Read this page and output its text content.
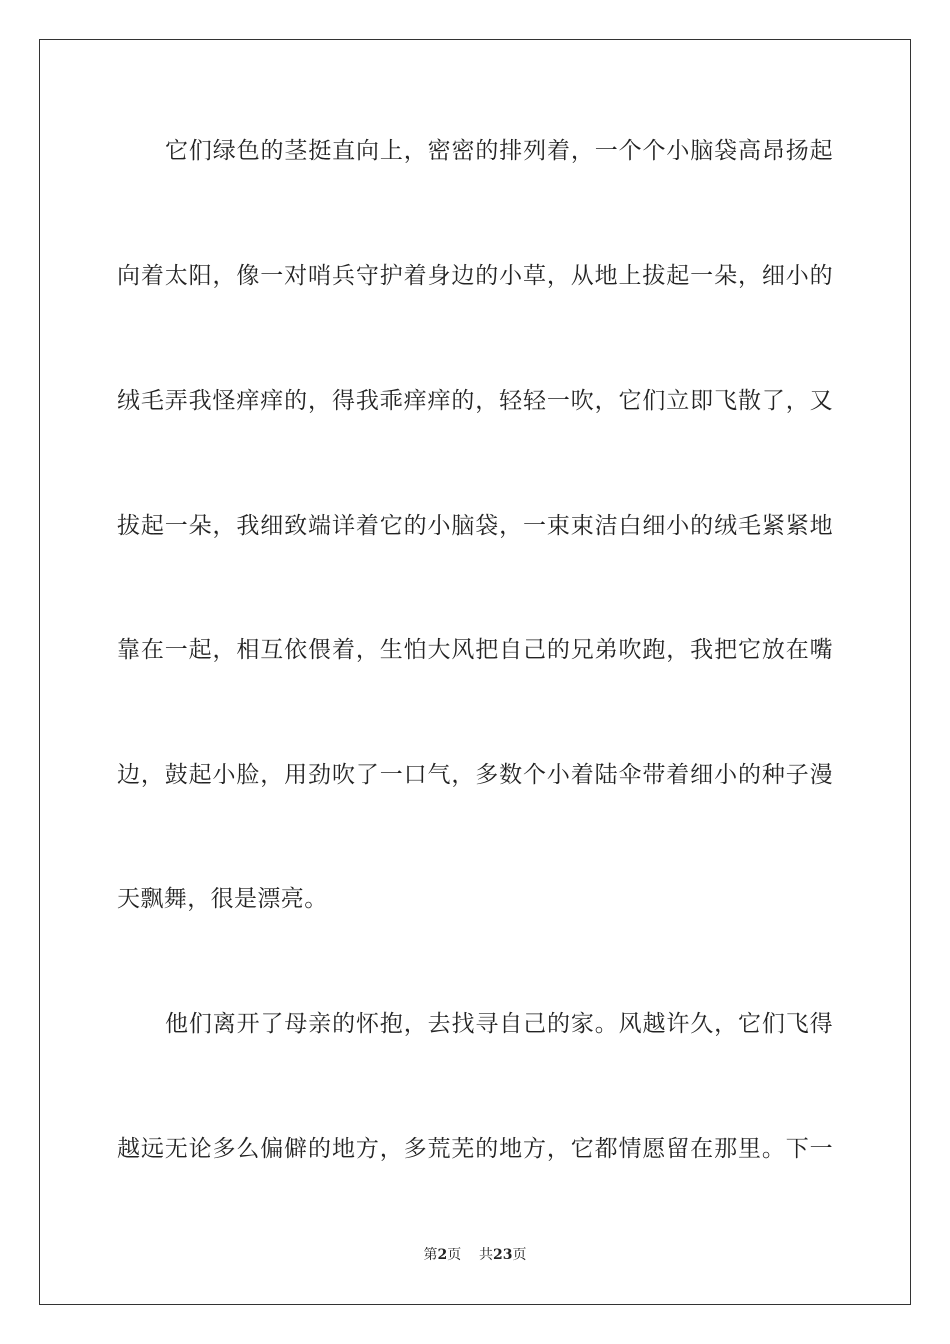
它们绿色的茎挺直向上，密密的排列着，一个个小脑袋高昂扬起
向着太阳，像一对哨兵守护着身边的小草，从地上拔起一朵，细小的
绒毛弄我怪痒痒的，得我乖痒痒的，轻轻一吹，它们立即飞散了，又
拔起一朵，我细致端详着它的小脑袋，一束束洁白细小的绒毛紧紧地
靠在一起，相互依偎着，生怕大风把自己的兄弟吹跑，我把它放在嘴
边，鼓起小脸，用劲吹了一口气，多数个小着陆伞带着细小的种子漫
天飘舞，很是漂亮。
他们离开了母亲的怀抱，去找寻自己的家。风越许久，它们飞得
越远无论多么偏僻的地方，多荒芜的地方，它都情愿留在那里。下一
第2页 共23页
